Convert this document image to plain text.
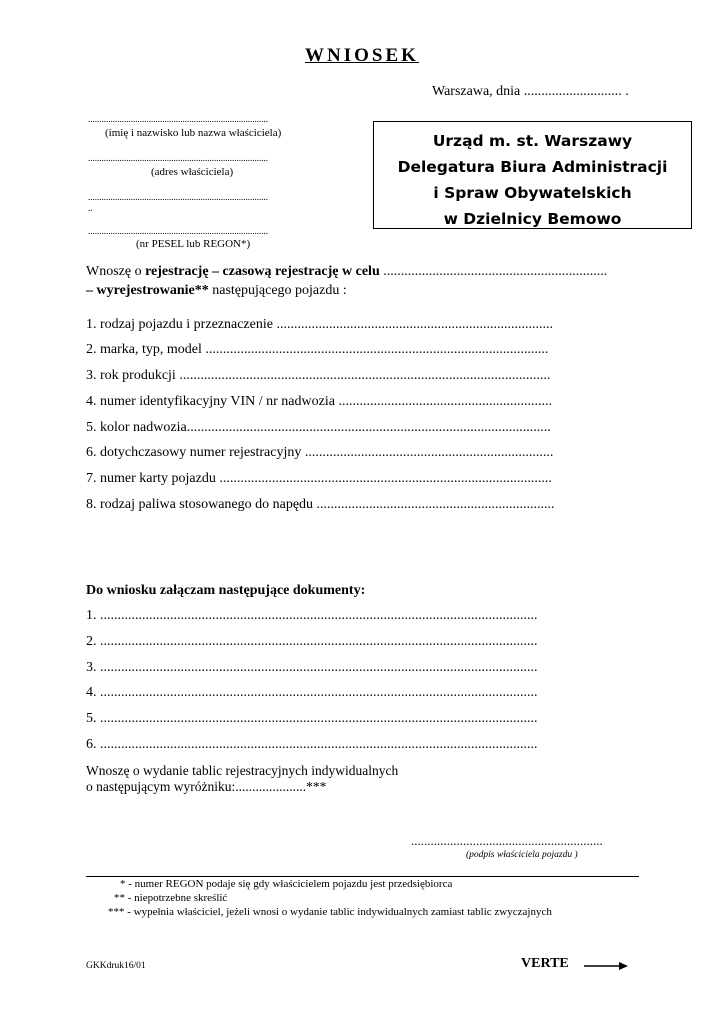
WNIOSEK
Warszawa, dnia ............................ .
................................................................................
(imię i nazwisko lub nazwa właściciela)
................................................................................
(adres właściciela)
................................................................................
..
................................................................................
(nr PESEL lub REGON*)
Urząd m. st. Warszawy
Delegatura Biura Administracji
i Spraw Obywatelskich
w Dzielnicy Bemowo
Wnoszę o rejestrację – czasową rejestrację w celu ................................................................
– wyrejestrowanie** następującego pojazdu :
1. rodzaj pojazdu i przeznaczenie ...............................................................................
2. marka, typ, model ..................................................................................................
3. rok produkcji ..........................................................................................................
4. numer identyfikacyjny VIN / nr nadwozia .............................................................
5. kolor nadwozia........................................................................................................
6. dotychczasowy numer rejestracyjny .......................................................................
7. numer karty pojazdu ...............................................................................................
8. rodzaj paliwa stosowanego do napędu ....................................................................
Do wniosku załączam następujące dokumenty:
1. .............................................................................................................................
2. .............................................................................................................................
3. .............................................................................................................................
4. .............................................................................................................................
5. .............................................................................................................................
6. .............................................................................................................................
Wnoszę o wydanie tablic rejestracyjnych indywidualnych
o następującym wyróżniku:.....................***
...........................................................
(podpis właściciela pojazdu )
* - numer REGON podaje się gdy właścicielem pojazdu jest przedsiębiorca
** - niepotrzebne skreślić
*** - wypełnia właściciel, jeżeli wnosi o wydanie tablic indywidualnych zamiast tablic zwyczajnych
GKKdruk16/01	VERTE
